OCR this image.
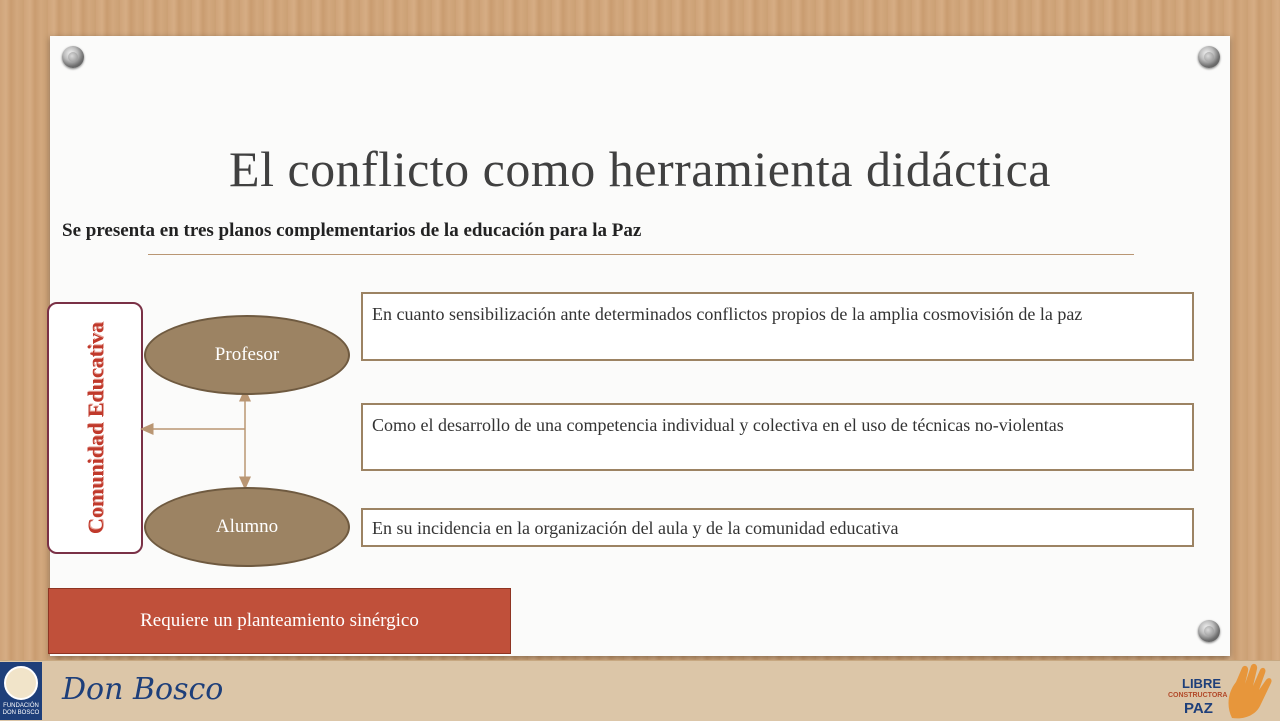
El conflicto como herramienta didáctica
Se presenta en tres planos complementarios de la educación para la Paz
Comunidad Educativa	Profesor
Alumno
En cuanto sensibilización ante determinados conflictos propios de la amplia cosmovisión de la paz
Como el desarrollo de una competencia individual y colectiva en el uso de técnicas no-violentas
En su incidencia en la organización del aula y de la comunidad educativa
Requiere un planteamiento sinérgico
FUNDACIÓN DON BOSCO
Don Bosco	LIBRE
CONSTRUCTORA
PAZ
